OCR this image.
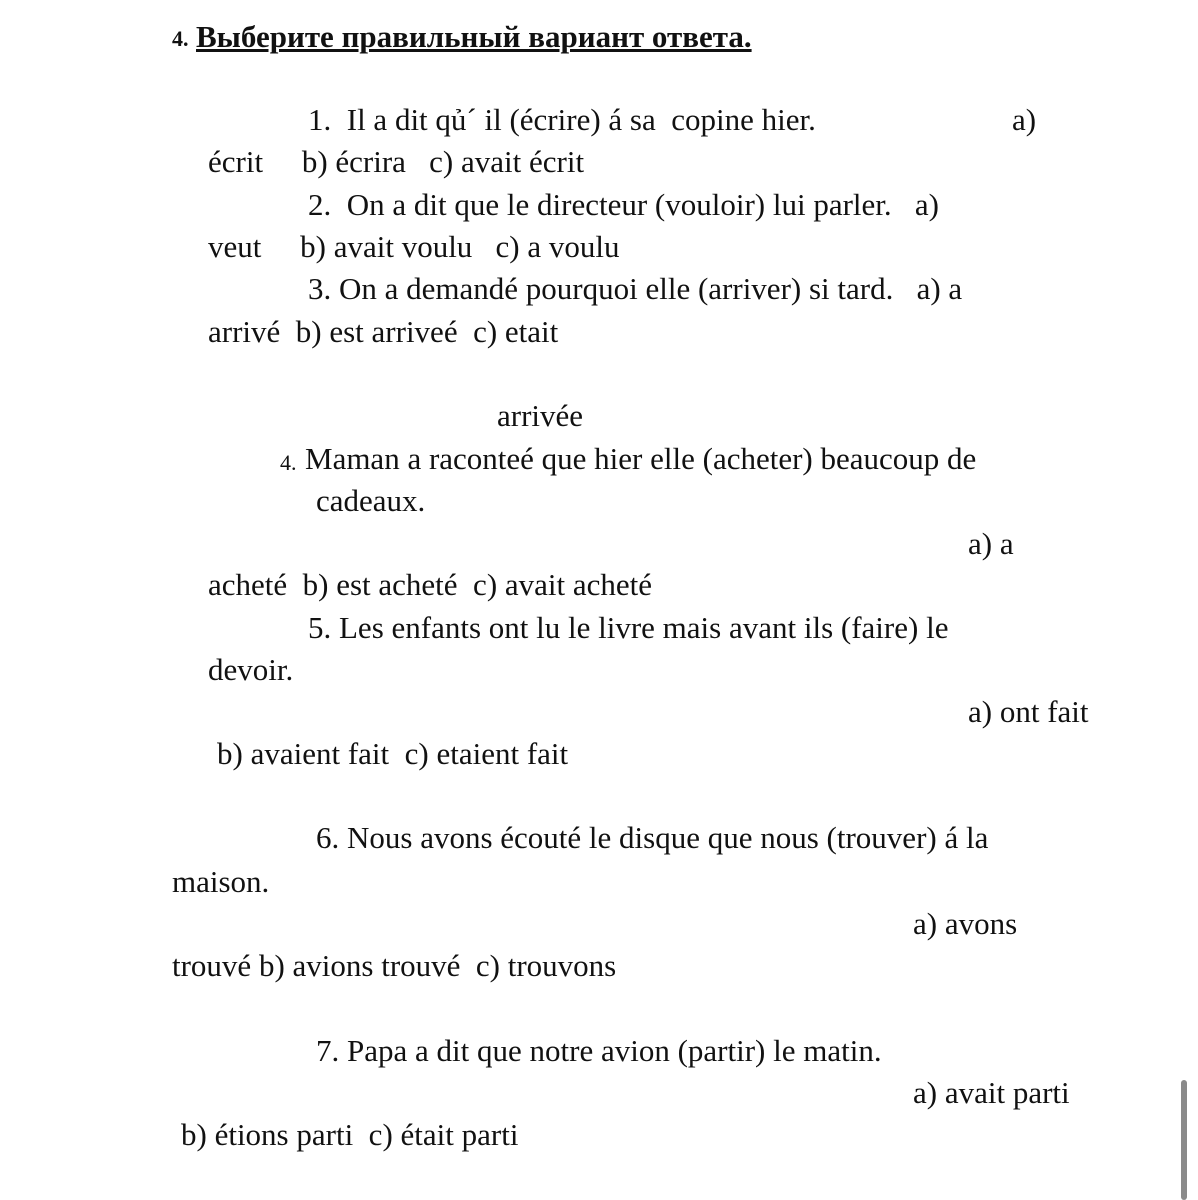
4. Выберите правильный вариант ответа.
1.  Il a dit qủ´ il (écrire) á sa  copine hier.	a)
écrit     b) écrira   c) avait écrit
2.  On a dit que le directeur (vouloir) lui parler.   a)
veut     b) avait voulu   c) a voulu
3. On a demandé pourquoi elle (arriver) si tard.   a) a
arrivé  b) est arriveé  c) etait
arrivée
4. Maman a raconteé que hier elle (acheter) beaucoup de
cadeaux.
a) a
acheté  b) est acheté  c) avait acheté
5. Les enfants ont lu le livre mais avant ils (faire) le
devoir.
a) ont fait
b) avaient fait  c) etaient fait
6. Nous avons écouté le disque que nous (trouver) á la
maison.
a) avons
trouvé b) avions trouvé  c) trouvons
7. Papa a dit que notre avion (partir) le matin.
a) avait parti
b) étions parti  c) était parti
